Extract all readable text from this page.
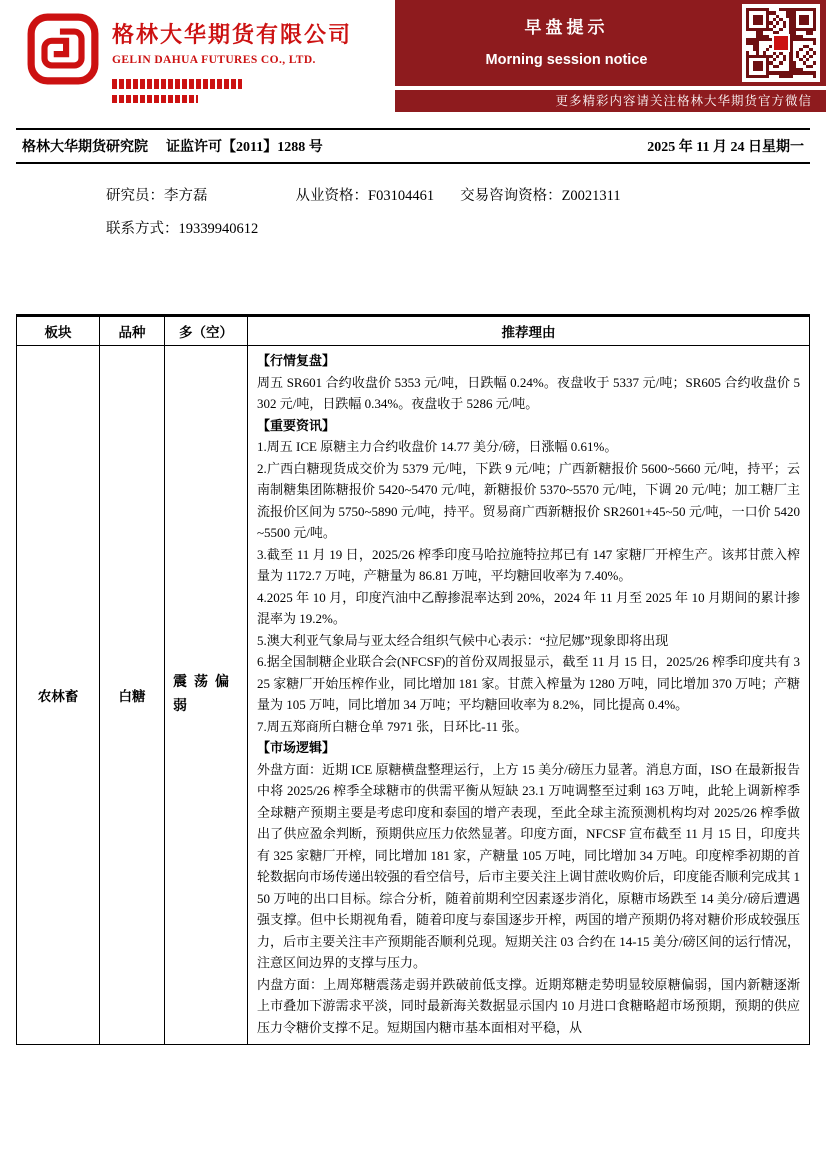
格林大华期货有限公司
GELIN DAHUA FUTURES CO., LTD.
早盘提示
Morning session notice
更多精彩内容请关注格林大华期货官方微信
格林大华期货研究院 证监许可【2011】1288 号	2025 年 11 月 24 日星期一
研究员：李方磊	从业资格：F03104461 交易咨询资格：Z0021311
联系方式：19339940612
板块	品种	多（空）	推荐理由
农林畜	白糖	震荡偏弱	
【行情复盘】
周五 SR601 合约收盘价 5353 元/吨，日跌幅 0.24%。夜盘收于 5337 元/吨；SR605 合约收盘价 5302 元/吨，日跌幅 0.34%。夜盘收于 5286 元/吨。
【重要资讯】
1.周五 ICE 原糖主力合约收盘价 14.77 美分/磅，日涨幅 0.61%。
2.广西白糖现货成交价为 5379 元/吨，下跌 9 元/吨；广西新糖报价 5600~5660 元/吨，持平；云南制糖集团陈糖报价 5420~5470 元/吨，新糖报价 5370~5570 元/吨，下调 20 元/吨；加工糖厂主流报价区间为 5750~5890 元/吨，持平。贸易商广西新糖报价 SR2601+45~50 元/吨，一口价 5420~5500 元/吨。
3.截至 11 月 19 日，2025/26 榨季印度马哈拉施特拉邦已有 147 家糖厂开榨生产。该邦甘蔗入榨量为 1172.7 万吨，产糖量为 86.81 万吨，平均糖回收率为 7.40%。
4.2025 年 10 月，印度汽油中乙醇掺混率达到 20%，2024 年 11 月至 2025 年 10 月期间的累计掺混率为 19.2%。
5.澳大利亚气象局与亚太经合组织气候中心表示：“拉尼娜”现象即将出现
6.据全国制糖企业联合会(NFCSF)的首份双周报显示，截至 11 月 15 日，2025/26 榨季印度共有 325 家糖厂开始压榨作业，同比增加 181 家。甘蔗入榨量为 1280 万吨，同比增加 370 万吨；产糖量为 105 万吨，同比增加 34 万吨；平均糖回收率为 8.2%，同比提高 0.4%。
7.周五郑商所白糖仓单 7971 张，日环比-11 张。
【市场逻辑】
外盘方面：近期 ICE 原糖横盘整理运行，上方 15 美分/磅压力显著。消息方面，ISO 在最新报告中将 2025/26 榨季全球糖市的供需平衡从短缺 23.1 万吨调整至过剩 163 万吨，此轮上调新榨季全球糖产预期主要是考虑印度和泰国的增产表现，至此全球主流预测机构均对 2025/26 榨季做出了供应盈余判断，预期供应压力依然显著。印度方面，NFCSF 宣布截至 11 月 15 日，印度共有 325 家糖厂开榨，同比增加 181 家，产糖量 105 万吨，同比增加 34 万吨。印度榨季初期的首轮数据向市场传递出较强的看空信号，后市主要关注上调甘蔗收购价后，印度能否顺利完成其 150 万吨的出口目标。综合分析，随着前期利空因素逐步消化，原糖市场跌至 14 美分/磅后遭遇强支撑。但中长期视角看，随着印度与泰国逐步开榨，两国的增产预期仍将对糖价形成较强压力，后市主要关注丰产预期能否顺利兑现。短期关注 03 合约在 14-15 美分/磅区间的运行情况，注意区间边界的支撑与压力。
内盘方面：上周郑糖震荡走弱并跌破前低支撑。近期郑糖走势明显较原糖偏弱，国内新糖逐渐上市叠加下游需求平淡，同时最新海关数据显示国内 10 月进口食糖略超市场预期，预期的供应压力令糖价支撑不足。短期国内糖市基本面相对平稳，从
